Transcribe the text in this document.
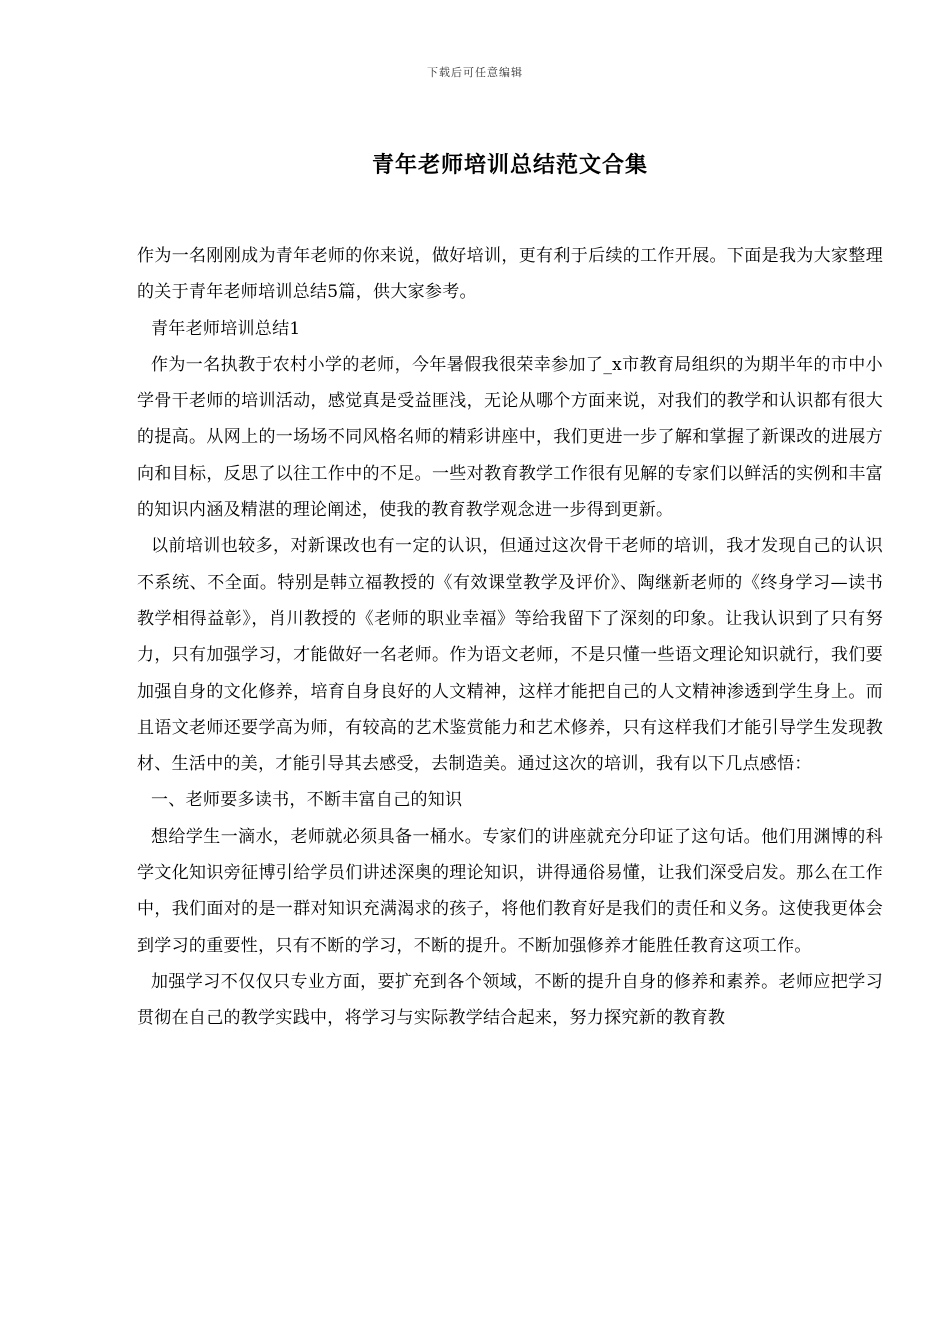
下载后可任意编辑
青年老师培训总结范文合集

作为一名刚刚成为青年老师的你来说，做好培训，更有利于后续的工作开展。下面是我为大家整理的关于青年老师培训总结5篇，供大家参考。

青年老师培训总结1

作为一名执教于农村小学的老师，今年暑假我很荣幸参加了_x市教育局组织的为期半年的市中小学骨干老师的培训活动，感觉真是受益匪浅，无论从哪个方面来说，对我们的教学和认识都有很大的提高。从网上的一场场不同风格名师的精彩讲座中，我们更进一步了解和掌握了新课改的进展方向和目标，反思了以往工作中的不足。一些对教育教学工作很有见解的专家们以鲜活的实例和丰富的知识内涵及精湛的理论阐述，使我的教育教学观念进一步得到更新。

以前培训也较多，对新课改也有一定的认识，但通过这次骨干老师的培训，我才发现自己的认识不系统、不全面。特别是韩立福教授的《有效课堂教学及评价》、陶继新老师的《终身学习—读书教学相得益彰》，肖川教授的《老师的职业幸福》等给我留下了深刻的印象。让我认识到了只有努力，只有加强学习，才能做好一名老师。作为语文老师，不是只懂一些语文理论知识就行，我们要加强自身的文化修养，培育自身良好的人文精神，这样才能把自己的人文精神渗透到学生身上。而且语文老师还要学高为师，有较高的艺术鉴赏能力和艺术修养，只有这样我们才能引导学生发现教材、生活中的美，才能引导其去感受，去制造美。通过这次的培训，我有以下几点感悟：

一、老师要多读书，不断丰富自己的知识

想给学生一滴水，老师就必须具备一桶水。专家们的讲座就充分印证了这句话。他们用渊博的科学文化知识旁征博引给学员们讲述深奥的理论知识，讲得通俗易懂，让我们深受启发。那么在工作中，我们面对的是一群对知识充满渴求的孩子，将他们教育好是我们的责任和义务。这使我更体会到学习的重要性，只有不断的学习，不断的提升。不断加强修养才能胜任教育这项工作。

加强学习不仅仅只专业方面，要扩充到各个领域，不断的提升自身的修养和素养。老师应把学习贯彻在自己的教学实践中，将学习与实际教学结合起来，努力探究新的教育教
